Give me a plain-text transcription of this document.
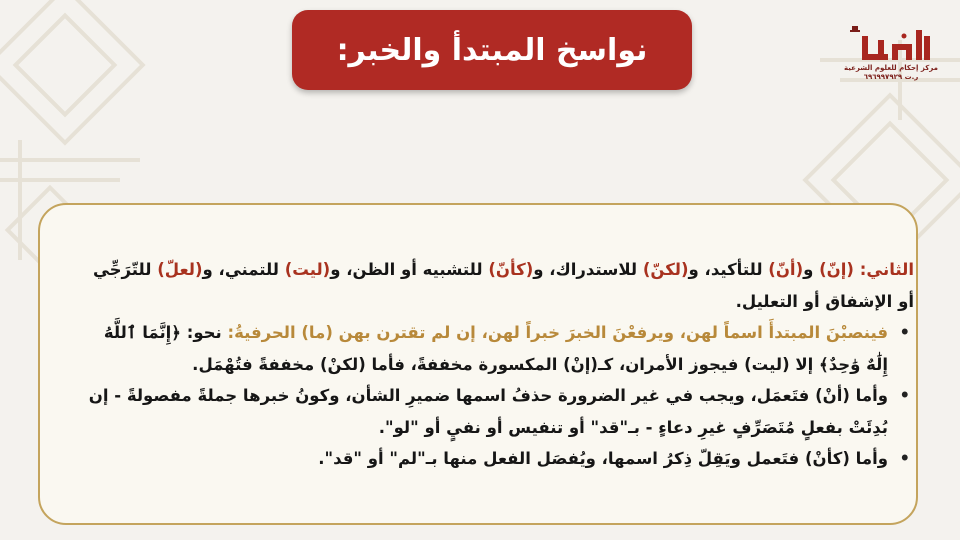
مركز إحكام للعلوم الشرعية
ر.ت ٦٩٦٩٩٧٩٢٩
نواسخ المبتدأ والخبر:

الثاني: (إنّ) و(أنّ) للتأكيد، و(لكنّ) للاستدراك، و(كأنّ) للتشبيه أو الظن، و(ليت) للتمني، و(لعلّ) للتّرَجِّي أو الإشفاق أو التعليل.

• فينصبْنَ المبتدأَ اسماً لهن، ويرفعْنَ الخبرَ خبراً لهن، إن لم تقترن بهن (ما) الحرفيةُ: نحو: ﴿إِنَّمَا ٱللَّهُ إِلَٰهٌ وَٰحِدٌ﴾ إلا (ليت) فيجوز الأمران، كـ(إنْ) المكسورة مخففةً، فأما (لكنْ) مخففةً فتُهْمَل.
• وأما (أنْ) فتَعمَل، ويجب في غير الضرورة حذفُ اسمها ضميرِ الشأن، وكونُ خبرها جملةً مفصولةً - إن بُدِئَتْ بفعلٍ مُتَصَرِّفٍ غيرِ دعاءٍ - بـ"قد" أو تنفيس أو نفيٍ أو "لو".
• وأما (كأنْ) فتَعمل ويَقِلّ ذِكرُ اسمها، ويُفصَل الفعل منها بـ"لم" أو "قد".
